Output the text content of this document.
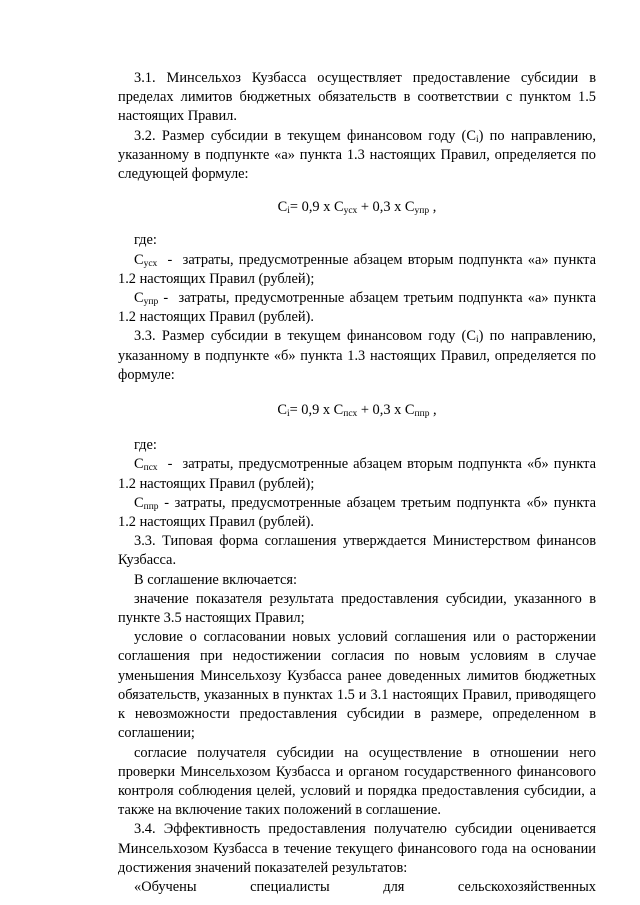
3.1. Минсельхоз Кузбасса осуществляет предоставление субсидии в пределах лимитов бюджетных обязательств в соответствии с пунктом 1.5 настоящих Правил.

3.2. Размер субсидии в текущем финансовом году $(С_i)$ по направлению, указанному в подпункте «а» пункта 1.3 настоящих Правил, определяется по следующей формуле:

$С_i= 0,9$ х $С_{усх} + 0,3$ х $С_{упр}$ ,

где:

$С_{усх}$  -  затраты, предусмотренные абзацем вторым подпункта «а» пункта 1.2 настоящих Правил (рублей);

$С_{упр}$ -  затраты, предусмотренные абзацем третьим подпункта «а» пункта 1.2 настоящих Правил (рублей).

3.3. Размер субсидии в текущем финансовом году $(С_i)$ по направлению, указанному в подпункте «б» пункта 1.3 настоящих Правил, определяется по формуле:

$С_i= 0,9$ х $С_{псх} + 0,3$ х $С_{ппр}$ ,

где:

$С_{псх}$  -  затраты, предусмотренные абзацем вторым подпункта «б» пункта 1.2 настоящих Правил (рублей);

$С_{ппр}$ - затраты, предусмотренные абзацем третьим подпункта «б» пункта 1.2 настоящих Правил (рублей).

3.3. Типовая форма соглашения утверждается Министерством финансов Кузбасса.

В соглашение включается:

значение показателя результата предоставления субсидии, указанного в пункте 3.5 настоящих Правил;

условие о согласовании новых условий соглашения или о расторжении соглашения при недостижении согласия по новым условиям в случае уменьшения Минсельхозу Кузбасса ранее доведенных лимитов бюджетных обязательств, указанных в пунктах 1.5 и 3.1 настоящих Правил, приводящего к невозможности предоставления субсидии в размере, определенном в соглашении;

согласие получателя субсидии на осуществление в отношении него проверки Минсельхозом Кузбасса и органом государственного финансового контроля соблюдения целей, условий и порядка предоставления субсидии, а также на включение таких положений в соглашение.

3.4. Эффективность предоставления получателю субсидии оценивается Минсельхозом Кузбасса в течение текущего финансового года на основании достижения значений показателей результатов:

«Обучены специалисты для сельскохозяйственных
